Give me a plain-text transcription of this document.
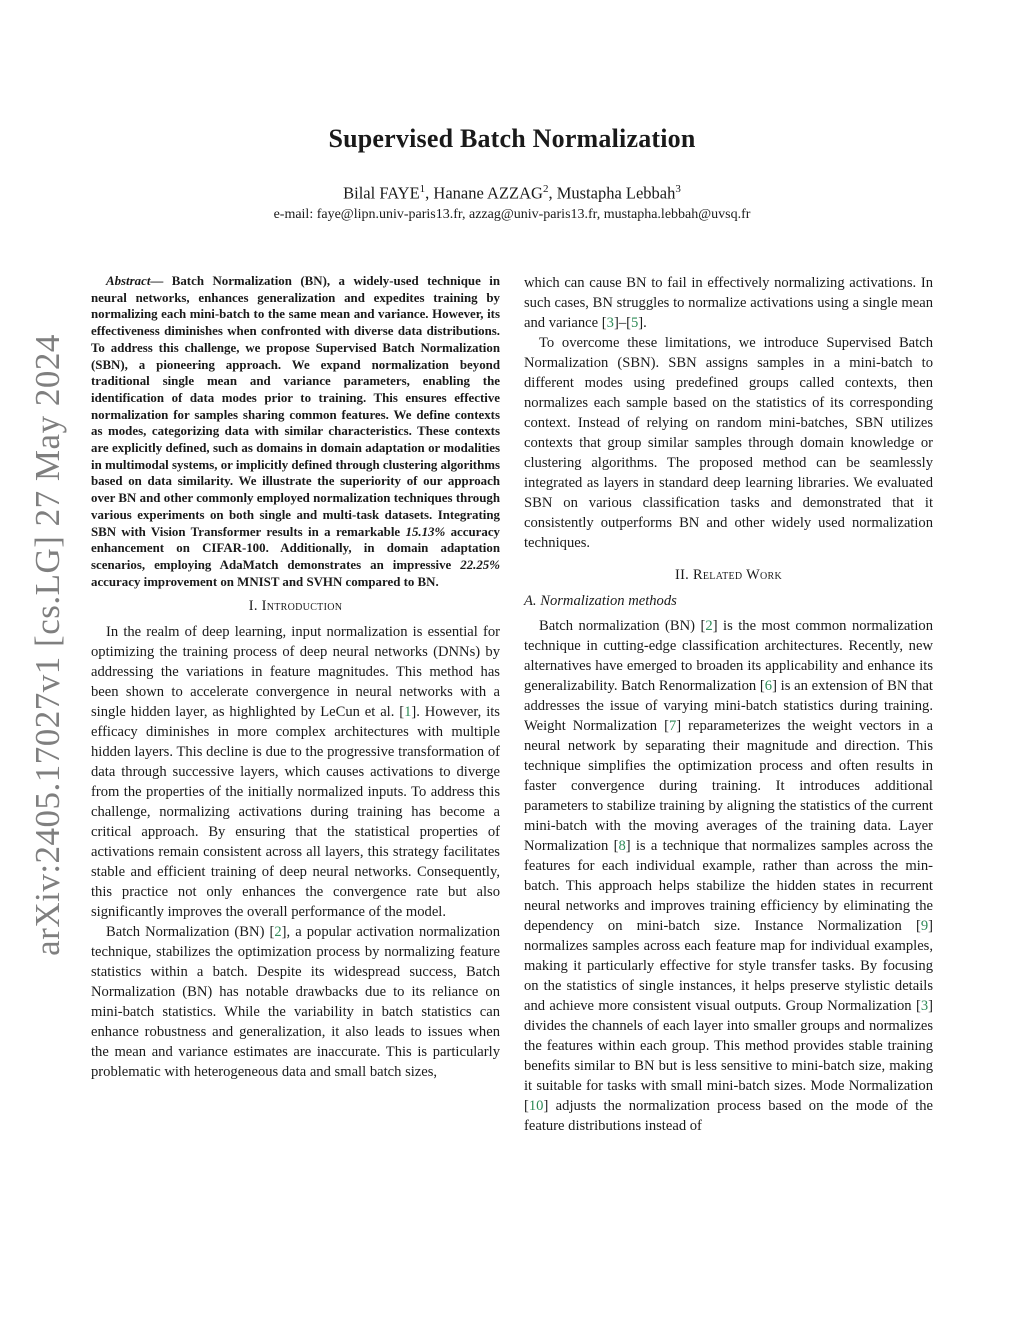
arXiv:2405.17027v1 [cs.LG] 27 May 2024
Supervised Batch Normalization
Bilal FAYE$^1$, Hanane AZZAG$^2$, Mustapha Lebbah$^3$
e-mail: faye@lipn.univ-paris13.fr, azzag@univ-paris13.fr, mustapha.lebbah@uvsq.fr

Abstract— Batch Normalization (BN), a widely-used technique in neural networks, enhances generalization and expedites training by normalizing each mini-batch to the same mean and variance. However, its effectiveness diminishes when confronted with diverse data distributions. To address this challenge, we propose Supervised Batch Normalization (SBN), a pioneering approach. We expand normalization beyond traditional single mean and variance parameters, enabling the identification of data modes prior to training. This ensures effective normalization for samples sharing common features. We define contexts as modes, categorizing data with similar characteristics. These contexts are explicitly defined, such as domains in domain adaptation or modalities in multimodal systems, or implicitly defined through clustering algorithms based on data similarity. We illustrate the superiority of our approach over BN and other commonly employed normalization techniques through various experiments on both single and multi-task datasets. Integrating SBN with Vision Transformer results in a remarkable 15.13% accuracy enhancement on CIFAR-100. Additionally, in domain adaptation scenarios, employing AdaMatch demonstrates an impressive 22.25% accuracy improvement on MNIST and SVHN compared to BN.

I. Introduction

In the realm of deep learning, input normalization is essential for optimizing the training process of deep neural networks (DNNs) by addressing the variations in feature magnitudes. This method has been shown to accelerate convergence in neural networks with a single hidden layer, as highlighted by LeCun et al. [1]. However, its efficacy diminishes in more complex architectures with multiple hidden layers. This decline is due to the progressive transformation of data through successive layers, which causes activations to diverge from the properties of the initially normalized inputs. To address this challenge, normalizing activations during training has become a critical approach. By ensuring that the statistical properties of activations remain consistent across all layers, this strategy facilitates stable and efficient training of deep neural networks. Consequently, this practice not only enhances the convergence rate but also significantly improves the overall performance of the model.

Batch Normalization (BN) [2], a popular activation normalization technique, stabilizes the optimization process by normalizing feature statistics within a batch. Despite its widespread success, Batch Normalization (BN) has notable drawbacks due to its reliance on mini-batch statistics. While the variability in batch statistics can enhance robustness and generalization, it also leads to issues when the mean and variance estimates are inaccurate. This is particularly problematic with heterogeneous data and small batch sizes,

which can cause BN to fail in effectively normalizing activations. In such cases, BN struggles to normalize activations using a single mean and variance [3]–[5].

To overcome these limitations, we introduce Supervised Batch Normalization (SBN). SBN assigns samples in a mini-batch to different modes using predefined groups called contexts, then normalizes each sample based on the statistics of its corresponding context. Instead of relying on random mini-batches, SBN utilizes contexts that group similar samples through domain knowledge or clustering algorithms. The proposed method can be seamlessly integrated as layers in standard deep learning libraries. We evaluated SBN on various classification tasks and demonstrated that it consistently outperforms BN and other widely used normalization techniques.

II. Related Work
A. Normalization methods

Batch normalization (BN) [2] is the most common normalization technique in cutting-edge classification architectures. Recently, new alternatives have emerged to broaden its applicability and enhance its generalizability. Batch Renormalization [6] is an extension of BN that addresses the issue of varying mini-batch statistics during training. Weight Normalization [7] reparameterizes the weight vectors in a neural network by separating their magnitude and direction. This technique simplifies the optimization process and often results in faster convergence during training. It introduces additional parameters to stabilize training by aligning the statistics of the current mini-batch with the moving averages of the training data. Layer Normalization [8] is a technique that normalizes samples across the features for each individual example, rather than across the min-batch. This approach helps stabilize the hidden states in recurrent neural networks and improves training efficiency by eliminating the dependency on mini-batch size. Instance Normalization [9] normalizes samples across each feature map for individual examples, making it particularly effective for style transfer tasks. By focusing on the statistics of single instances, it helps preserve stylistic details and achieve more consistent visual outputs. Group Normalization [3] divides the channels of each layer into smaller groups and normalizes the features within each group. This method provides stable training benefits similar to BN but is less sensitive to mini-batch size, making it suitable for tasks with small mini-batch sizes. Mode Normalization [10] adjusts the normalization process based on the mode of the feature distributions instead of
